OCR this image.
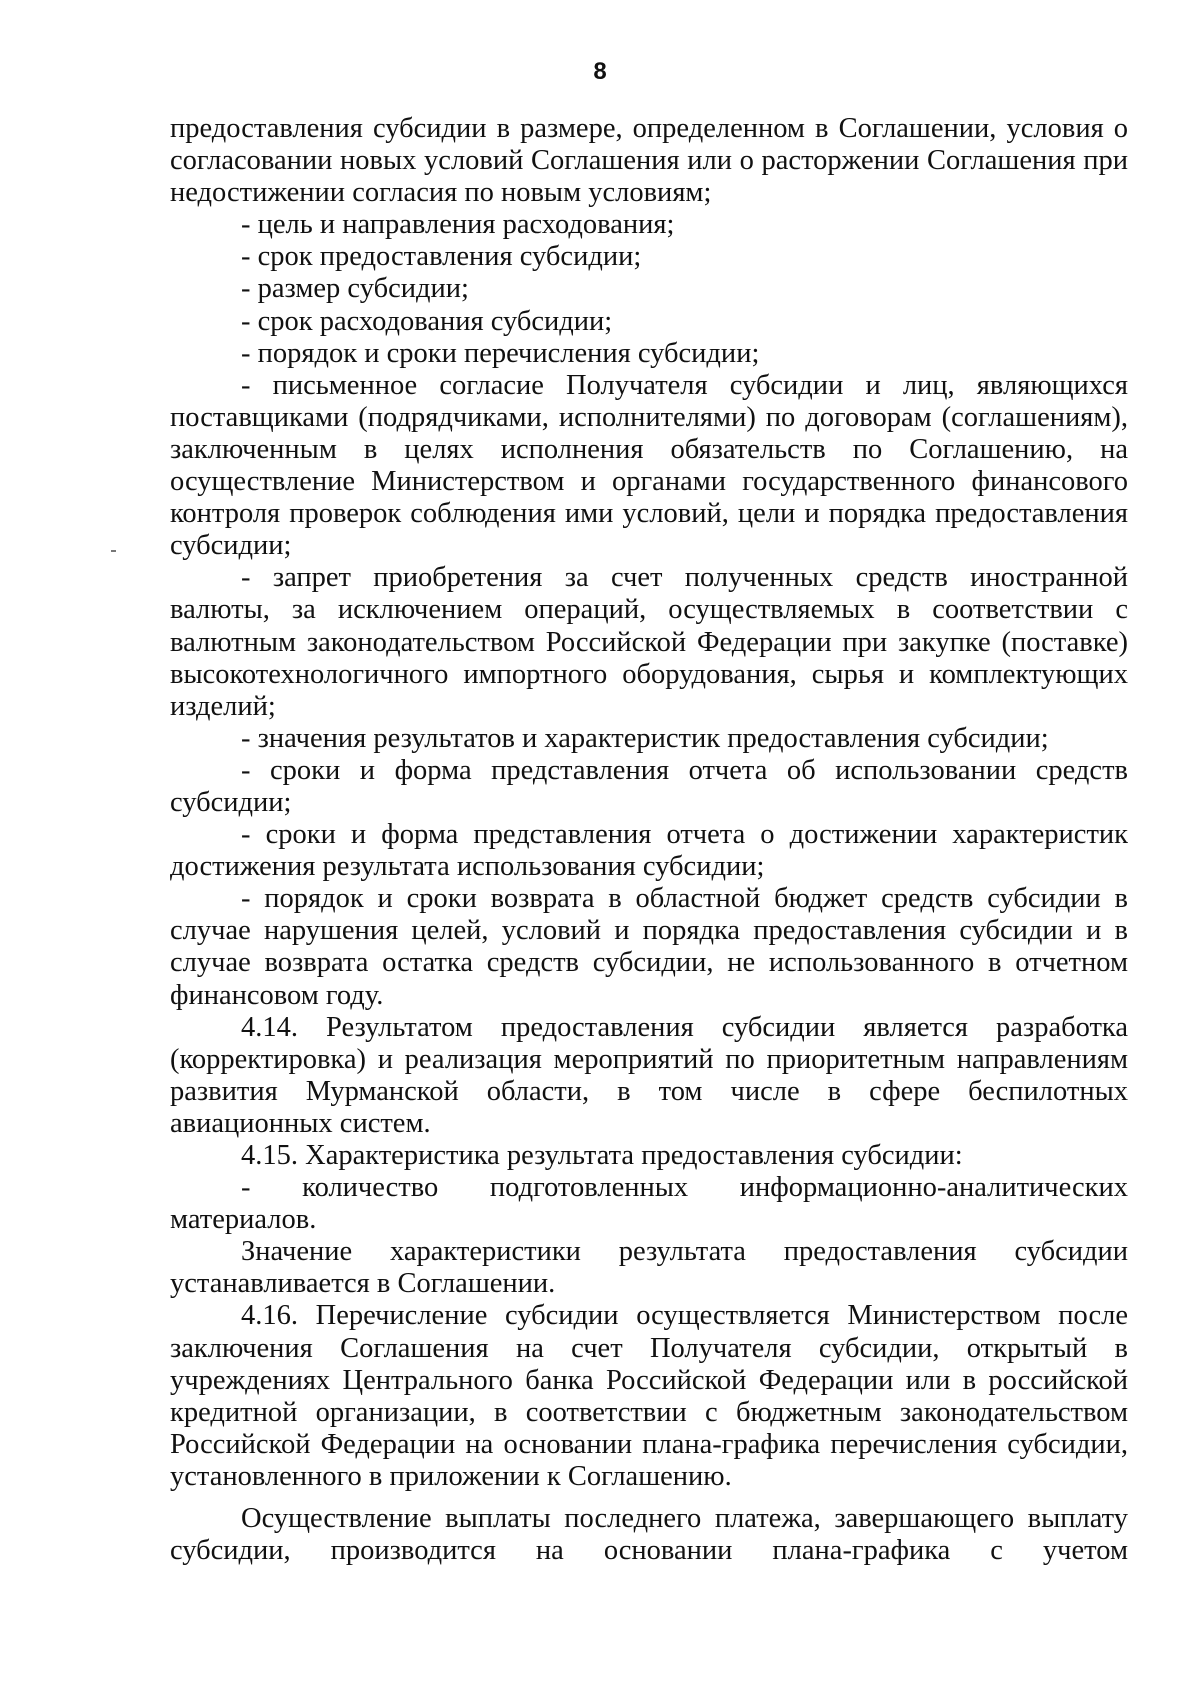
8

предоставления субсидии в размере, определенном в Соглашении, условия о согласовании новых условий Соглашения или о расторжении Соглашения при недостижении согласия по новым условиям;

- цель и направления расходования;

- срок предоставления субсидии;

- размер субсидии;

- срок расходования субсидии;

- порядок и сроки перечисления субсидии;

- письменное согласие Получателя субсидии и лиц, являющихся поставщиками (подрядчиками, исполнителями) по договорам (соглашениям), заключенным в целях исполнения обязательств по Соглашению, на осуществление Министерством и органами государственного финансового контроля проверок соблюдения ими условий, цели и порядка предоставления субсидии;

- запрет приобретения за счет полученных средств иностранной валюты, за исключением операций, осуществляемых в соответствии с валютным законодательством Российской Федерации при закупке (поставке) высокотехнологичного импортного оборудования, сырья и комплектующих изделий;

- значения результатов и характеристик предоставления субсидии;

- сроки и форма представления отчета об использовании средств субсидии;

- сроки и форма представления отчета о достижении характеристик достижения результата использования субсидии;

- порядок и сроки возврата в областной бюджет средств субсидии в случае нарушения целей, условий и порядка предоставления субсидии и в случае возврата остатка средств субсидии, не использованного в отчетном финансовом году.

4.14. Результатом предоставления субсидии является разработка (корректировка) и реализация мероприятий по приоритетным направлениям развития Мурманской области, в том числе в сфере беспилотных авиационных систем.

4.15. Характеристика результата предоставления субсидии:

- количество подготовленных информационно-аналитических материалов.

Значение характеристики результата предоставления субсидии устанавливается в Соглашении.

4.16. Перечисление субсидии осуществляется Министерством после заключения Соглашения на счет Получателя субсидии, открытый в учреждениях Центрального банка Российской Федерации или в российской кредитной организации, в соответствии с бюджетным законодательством Российской Федерации на основании плана-графика перечисления субсидии, установленного в приложении к Соглашению.

Осуществление выплаты последнего платежа, завершающего выплату субсидии, производится на основании плана-графика с учетом
